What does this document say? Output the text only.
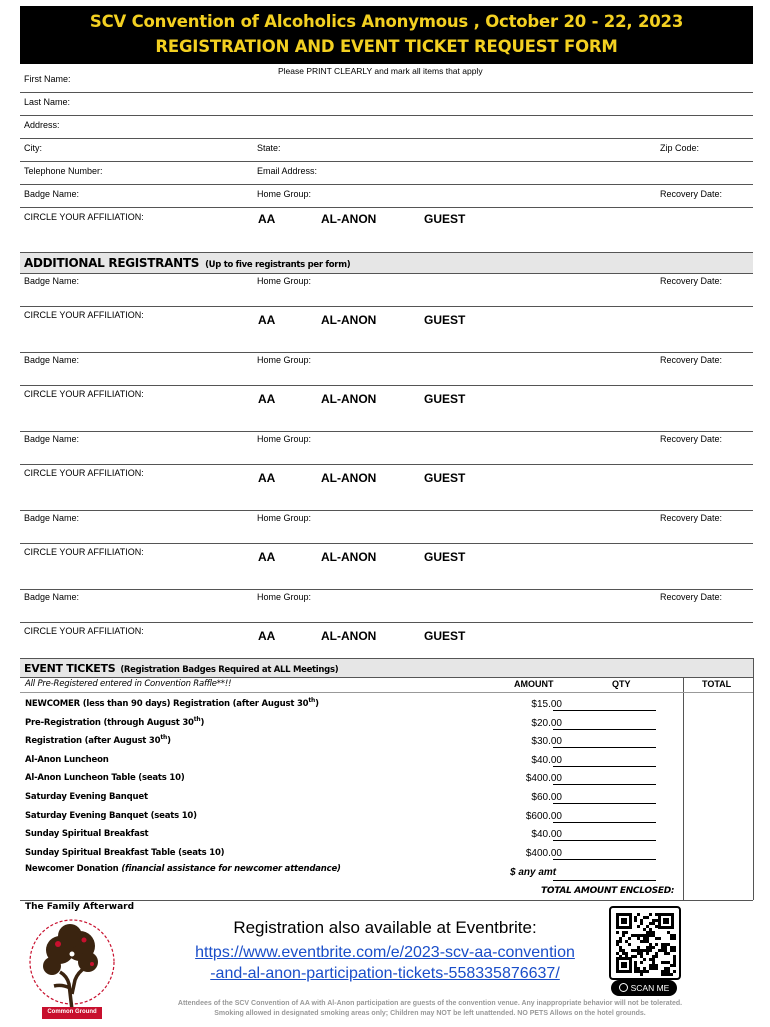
SCV Convention of Alcoholics Anonymous , October 20 - 22, 2023
REGISTRATION AND EVENT TICKET REQUEST FORM
First Name:
Please PRINT CLEARLY and mark all items that apply
Last Name:
Address:
City:	State:	Zip Code:
Telephone Number:	Email Address:
Badge Name:	Home Group:	Recovery Date:
CIRCLE YOUR AFFILIATION:	AA	AL-ANON	GUEST
ADDITIONAL REGISTRANTS (Up to five registrants per form)
Badge Name:	Home Group:	Recovery Date:
CIRCLE YOUR AFFILIATION:	AA	AL-ANON	GUEST
Badge Name:	Home Group:	Recovery Date:
CIRCLE YOUR AFFILIATION:	AA	AL-ANON	GUEST
Badge Name:	Home Group:	Recovery Date:
CIRCLE YOUR AFFILIATION:	AA	AL-ANON	GUEST
Badge Name:	Home Group:	Recovery Date:
CIRCLE YOUR AFFILIATION:	AA	AL-ANON	GUEST
Badge Name:	Home Group:	Recovery Date:
CIRCLE YOUR AFFILIATION:	AA	AL-ANON	GUEST
EVENT TICKETS (Registration Badges Required at ALL Meetings)
All Pre-Registered entered in Convention Raffle**!!	AMOUNT	QTY	TOTAL
NEWCOMER (less than 90 days) Registration (after August 30th)	$15.00
Pre-Registration (through August 30th)	$20.00
Registration (after August 30th)	$30.00
Al-Anon Luncheon	$40.00
Al-Anon Luncheon Table (seats 10)	$400.00
Saturday Evening Banquet	$60.00
Saturday Evening Banquet (seats 10)	$600.00
Sunday Spiritual Breakfast	$40.00
Sunday Spiritual Breakfast Table (seats 10)	$400.00
Newcomer Donation (financial assistance for newcomer attendance)	$ any amt
TOTAL AMOUNT ENCLOSED:
The Family Afterward
Common Ground
Registration also available at Eventbrite:
https://www.eventbrite.com/e/2023-scv-aa-convention
-and-al-anon-participation-tickets-558335876637/
SCAN ME
Attendees of the SCV Convention of AA with Al-Anon participation are guests of the convention venue. Any inappropriate behavior will not be tolerated.
Smoking allowed in designated smoking areas only; Children may NOT be left unattended. NO PETS Allows on the hotel grounds.
